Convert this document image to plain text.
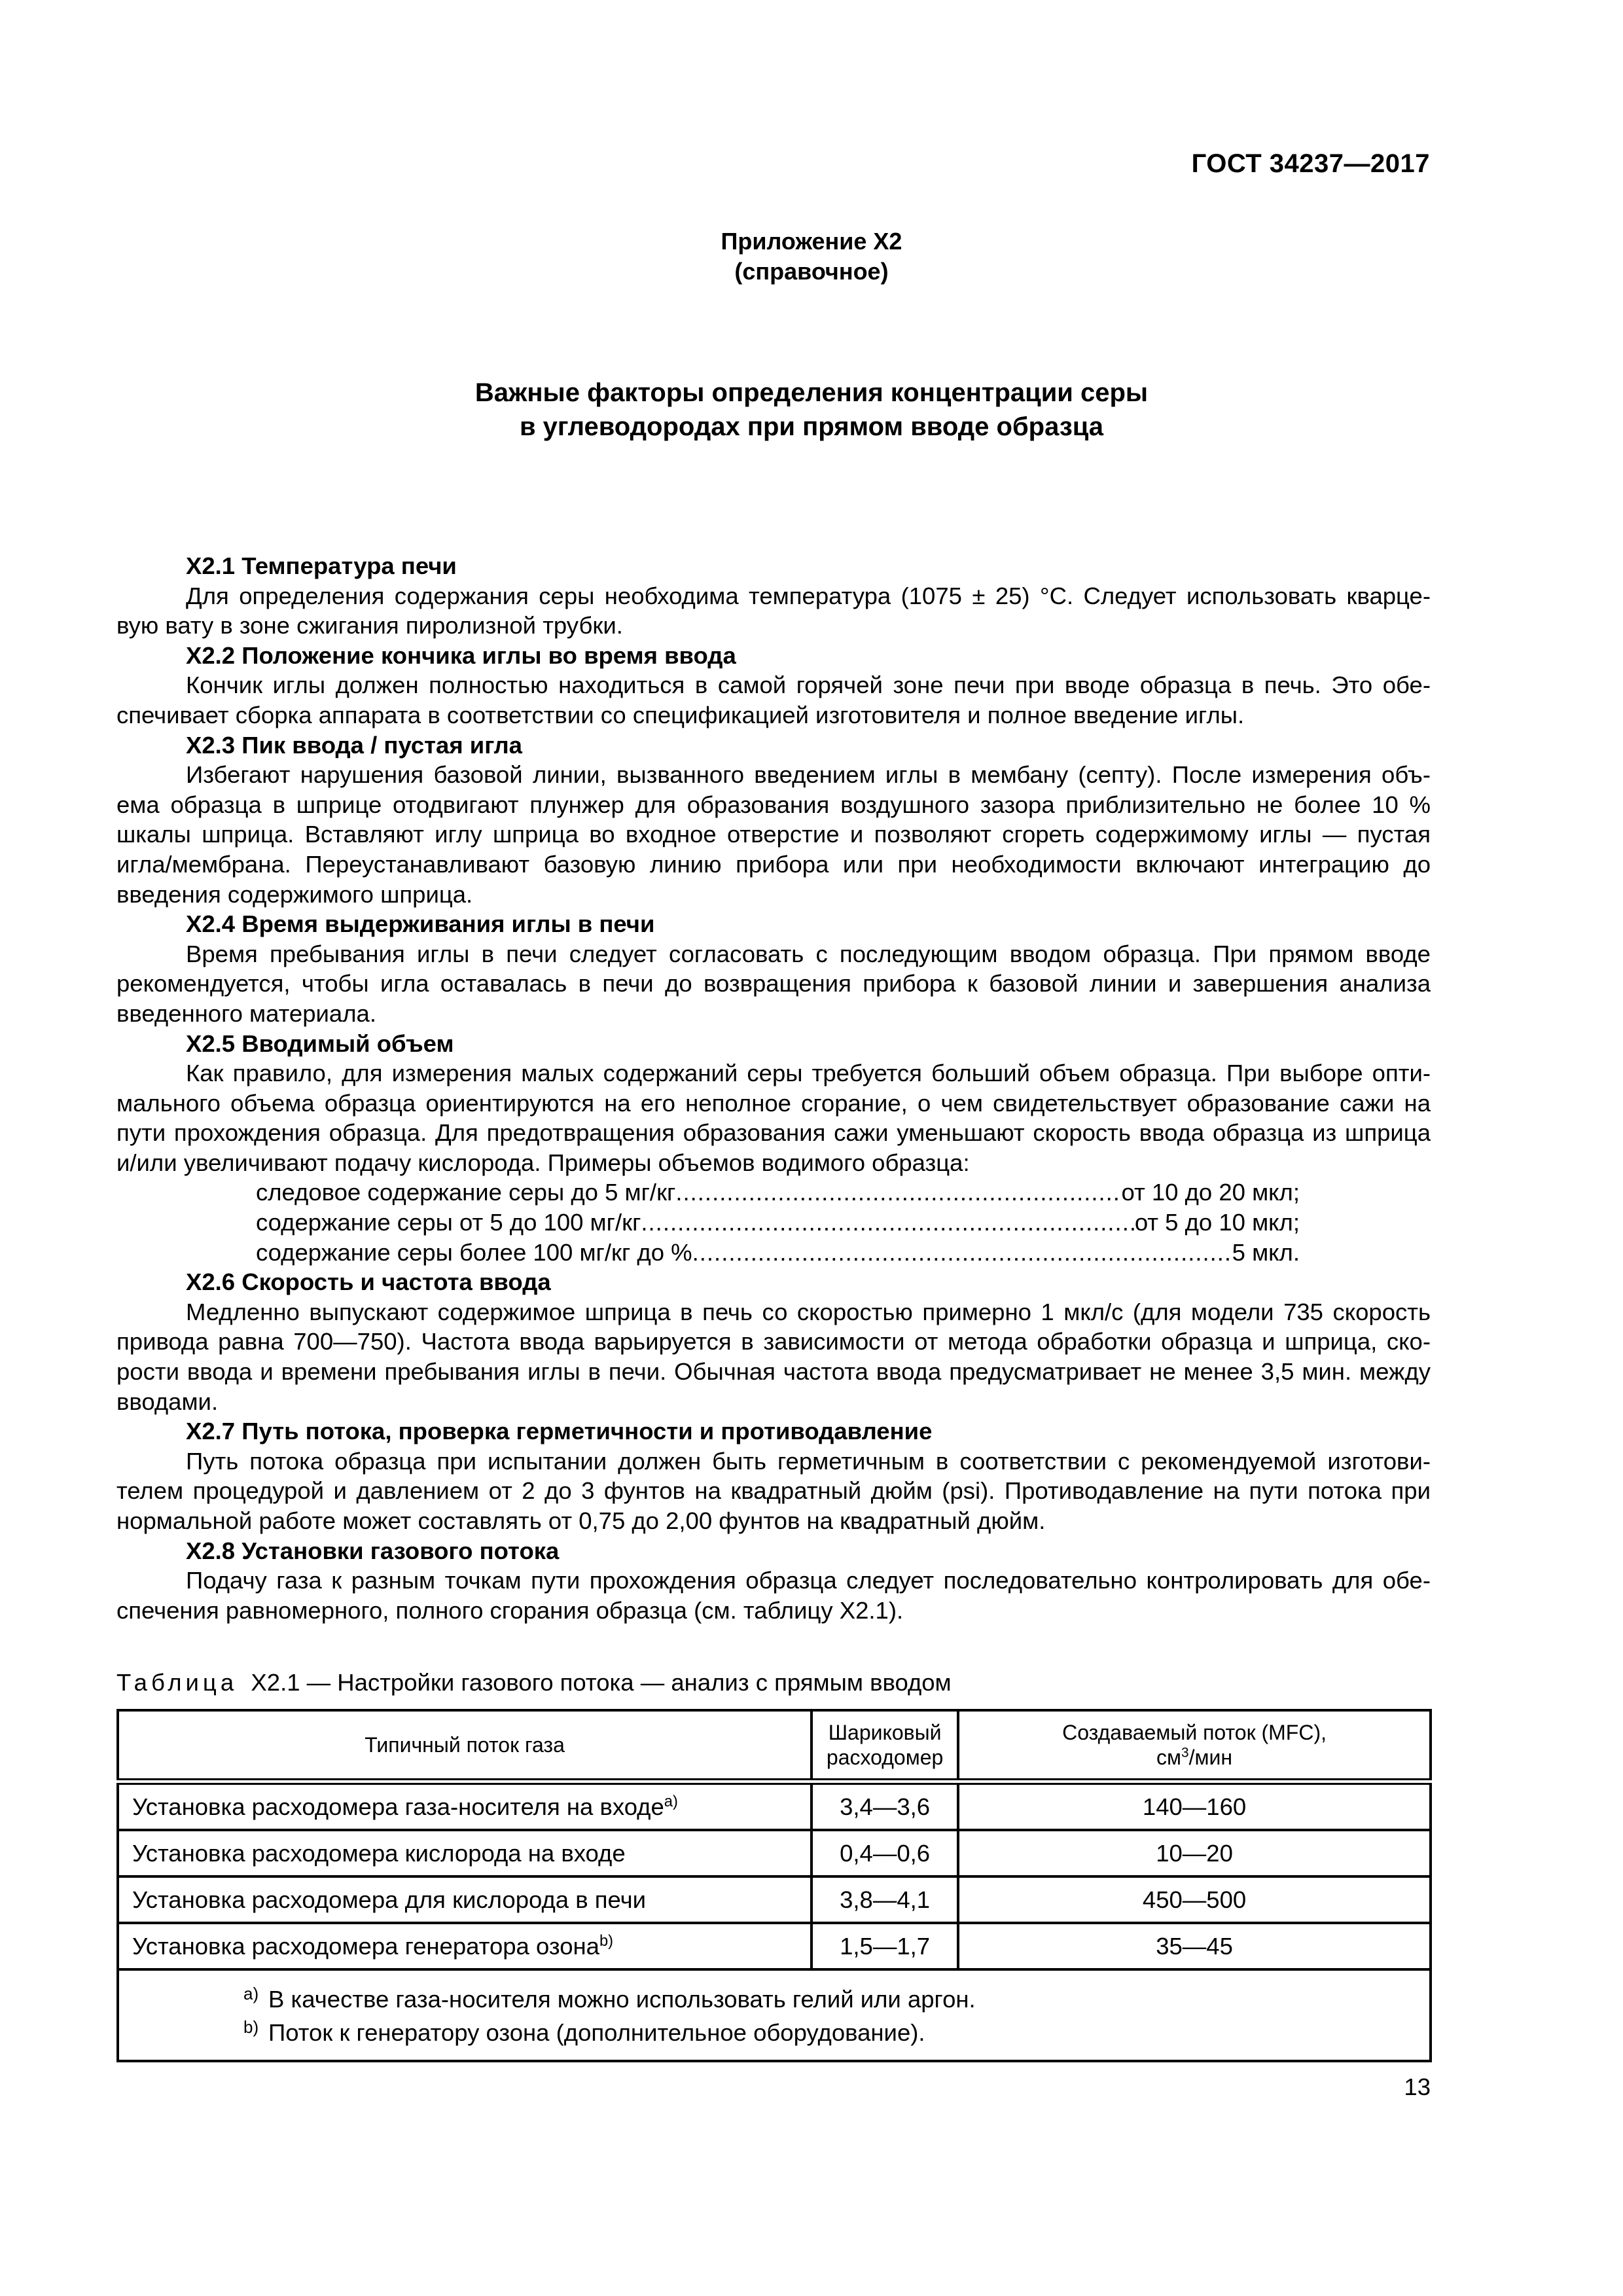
ГОСТ 34237—2017
Приложение X2
(справочное)
Важные факторы определения концентрации серы
в углеводородах при прямом вводе образца
X2.1 Температура печи
Для определения содержания серы необходима температура (1075 ± 25) °C. Следует использовать кварце-
вую вату в зоне сжигания пиролизной трубки.
X2.2 Положение кончика иглы во время ввода
Кончик иглы должен полностью находиться в самой горячей зоне печи при вводе образца в печь. Это обе-
спечивает сборка аппарата в соответствии со спецификацией изготовителя и полное введение иглы.
X2.3 Пик ввода / пустая игла
Избегают нарушения базовой линии, вызванного введением иглы в мембану (септу). После измерения объ-
ема образца в шприце отодвигают плунжер для образования воздушного зазора приблизительно не более 10 %
шкалы шприца. Вставляют иглу шприца во входное отверстие и позволяют сгореть содержимому иглы — пустая
игла/мембрана. Переустанавливают базовую линию прибора или при необходимости включают интеграцию до
введения содержимого шприца.
X2.4 Время выдерживания иглы в печи
Время пребывания иглы в печи следует согласовать с последующим вводом образца. При прямом вводе
рекомендуется, чтобы игла оставалась в печи до возвращения прибора к базовой линии и завершения анализа
введенного материала.
X2.5 Вводимый объем
Как правило, для измерения малых содержаний серы требуется больший объем образца. При выборе опти-
мального объема образца ориентируются на его неполное сгорание, о чем свидетельствует образование сажи на
пути прохождения образца. Для предотвращения образования сажи уменьшают скорость ввода образца из шприца
и/или увеличивают подачу кислорода. Примеры объемов водимого образца:
следовое содержание серы до 5 мг/кг .....	от 10 до 20 мкл;
содержание серы от 5 до 100 мг/кг .....	от 5 до 10 мкл;
содержание серы более 100 мг/кг до % .....	5 мкл.
X2.6 Скорость и частота ввода
Медленно выпускают содержимое шприца в печь со скоростью примерно 1 мкл/с (для модели 735 скорость
привода равна 700—750). Частота ввода варьируется в зависимости от метода обработки образца и шприца, ско-
рости ввода и времени пребывания иглы в печи. Обычная частота ввода предусматривает не менее 3,5 мин. между
вводами.
X2.7 Путь потока, проверка герметичности и противодавление
Путь потока образца при испытании должен быть герметичным в соответствии с рекомендуемой изготови-
телем процедурой и давлением от 2 до 3 фунтов на квадратный дюйм (psi). Противодавление на пути потока при
нормальной работе может составлять от 0,75 до 2,00 фунтов на квадратный дюйм.
X2.8 Установки газового потока
Подачу газа к разным точкам пути прохождения образца следует последовательно контролировать для обе-
спечения равномерного, полного сгорания образца (см. таблицу X2.1).
Таблица X2.1 — Настройки газового потока — анализ с прямым вводом
Типичный поток газа	Шариковый расходомер	Создаваемый поток (MFC),
$см^3$/мин
Установка расходомера газа-носителя на входе$^{a)}$	3,4—3,6	140—160
Установка расходомера кислорода на входе	0,4—0,6	10—20
Установка расходомера для кислорода в печи	3,8—4,1	450—500
Установка расходомера генератора озона$^{b)}$	1,5—1,7	35—45

a) В качестве газа-носителя можно использовать гелий или аргон.
b) Поток к генератору озона (дополнительное оборудование).		
13
